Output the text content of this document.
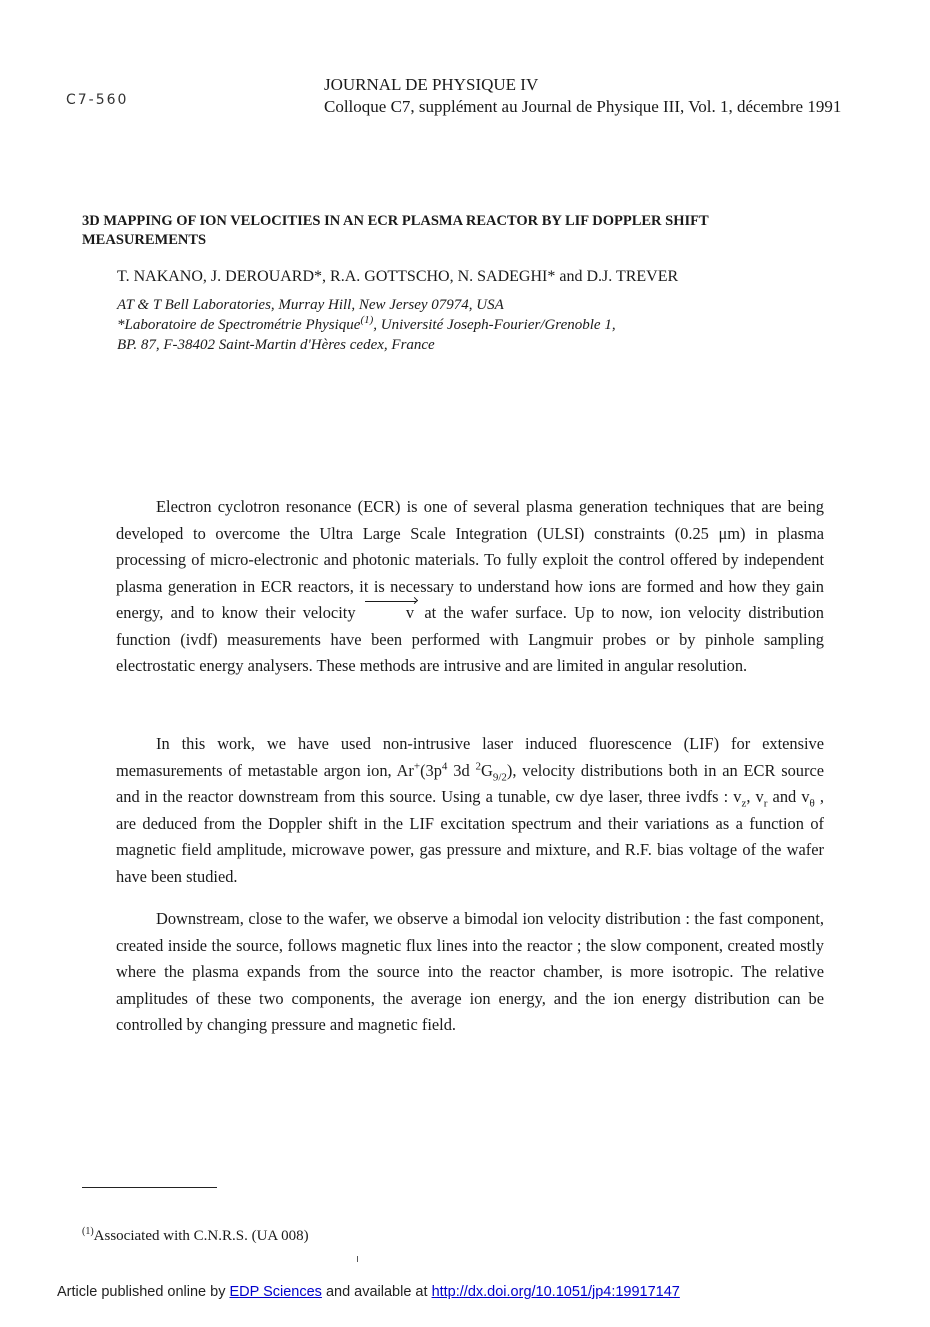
C7-560
JOURNAL DE PHYSIQUE IV
Colloque C7, supplément au Journal de Physique III, Vol. 1, décembre 1991
3D MAPPING OF ION VELOCITIES IN AN ECR PLASMA REACTOR BY LIF DOPPLER SHIFT MEASUREMENTS
T. NAKANO, J. DEROUARD*, R.A. GOTTSCHO, N. SADEGHI* and D.J. TREVER
AT & T Bell Laboratories, Murray Hill, New Jersey 07974, USA
*Laboratoire de Spectrométrie Physique$^{(1)}$, Université Joseph-Fourier/Grenoble 1,
BP. 87, F-38402 Saint-Martin d'Hères cedex, France

Electron cyclotron resonance (ECR) is one of several plasma generation techniques that are being developed to overcome the Ultra Large Scale Integration (ULSI) constraints (0.25 μm) in plasma processing of micro-electronic and photonic materials. To fully exploit the control offered by independent plasma generation in ECR reactors, it is necessary to understand how ions are formed and how they gain energy, and to know their velocity	v at the wafer surface. Up to now, ion velocity distribution function (ivdf) measurements have been performed with Langmuir probes or by pinhole sampling electrostatic energy analysers. These methods are intrusive and are limited in angular resolution.

In this work, we have used non-intrusive laser induced fluorescence (LIF) for extensive memasurements of metastable argon ion, $Ar^+(3p^4$ 3d $^2G_{9/2}$), velocity distributions both in an ECR source and in the reactor downstream from this source. Using a tunable, cw dye laser, three ivdfs : $v_z$, $v_r$ and $v_\theta$ , are deduced from the Doppler shift in the LIF excitation spectrum and their variations as a function of magnetic field amplitude, microwave power, gas pressure and mixture, and R.F. bias voltage of the wafer have been studied.

Downstream, close to the wafer, we observe a bimodal ion velocity distribution : the fast component, created inside the source, follows magnetic flux lines into the reactor ; the slow component, created mostly where the plasma expands from the source into the reactor chamber, is more isotropic. The relative amplitudes of these two components, the average ion energy, and the ion energy distribution can be controlled by changing pressure and magnetic field.

$^{(1)}$Associated with C.N.R.S. (UA 008)
Article published online by EDP Sciences and available at http://dx.doi.org/10.1051/jp4:19917147
